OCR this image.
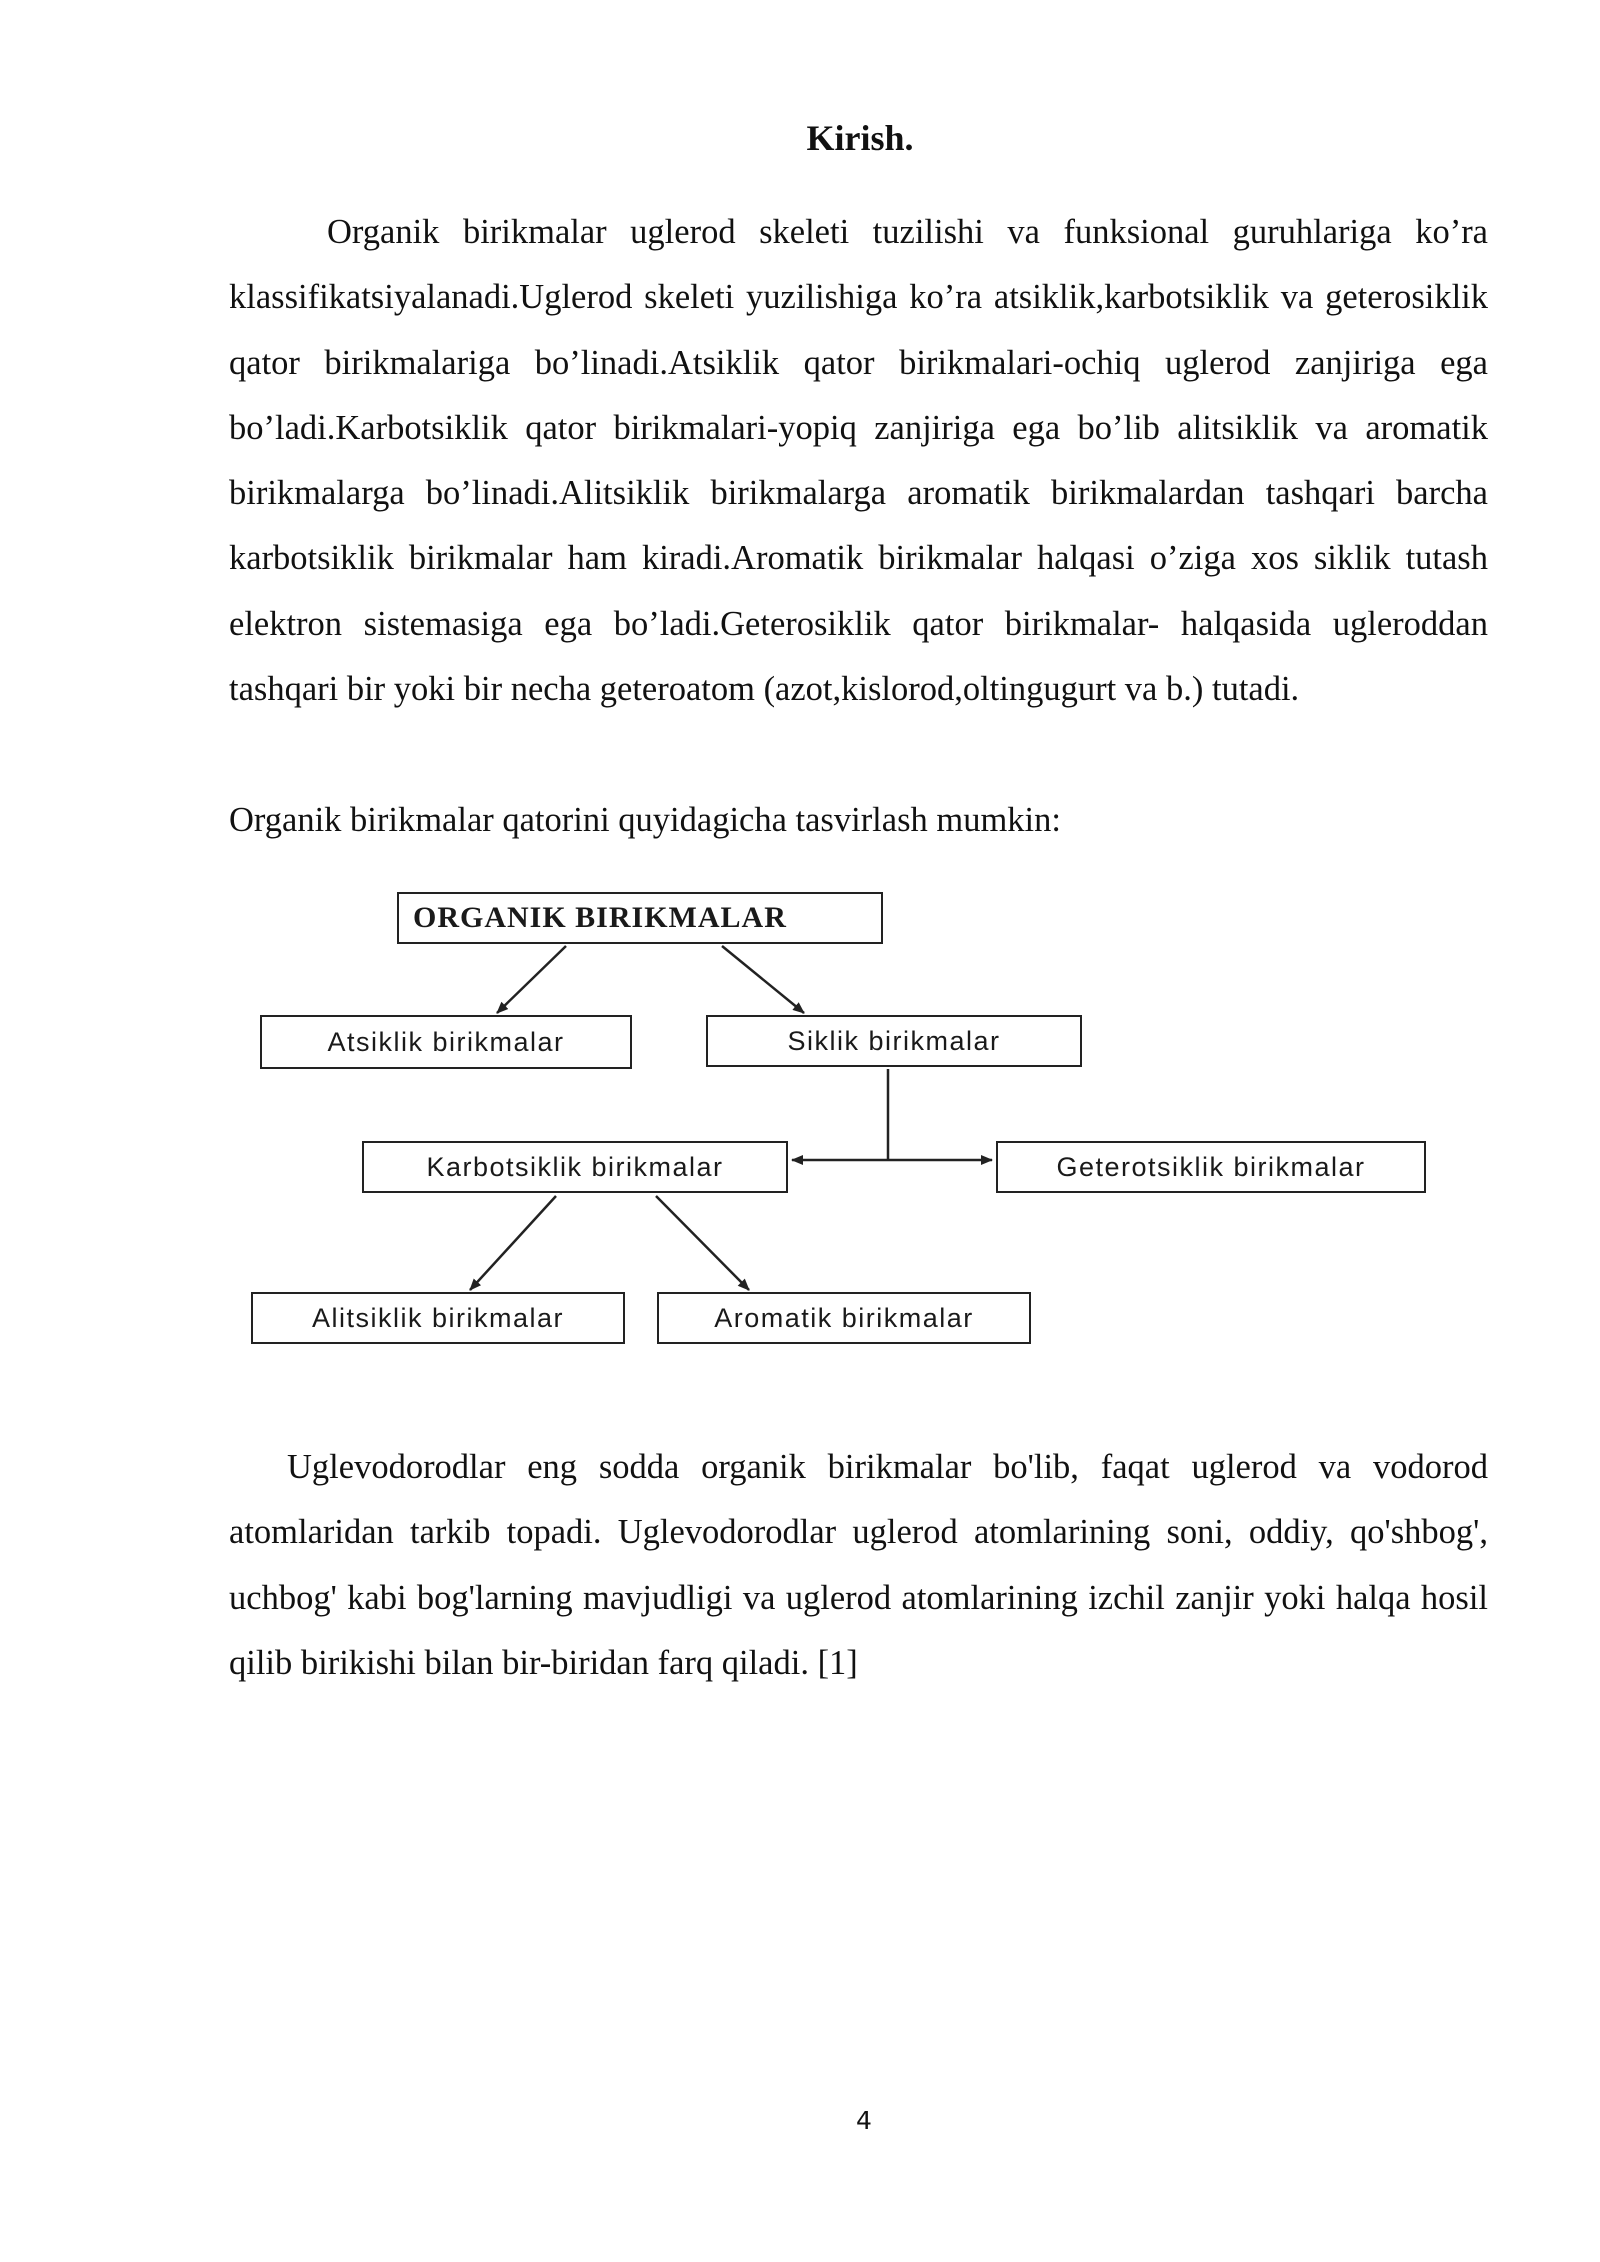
Kirish.

Organik birikmalar uglerod skeleti tuzilishi va funksional guruhlariga ko’ra klassifikatsiyalanadi.Uglerod skeleti yuzilishiga ko’ra atsiklik,karbotsiklik va geterosiklik qator birikmalariga bo’linadi.Atsiklik qator birikmalari-ochiq uglerod zanjiriga ega bo’ladi.Karbotsiklik qator birikmalari-yopiq zanjiriga ega bo’lib alitsiklik va aromatik birikmalarga bo’linadi.Alitsiklik birikmalarga aromatik birikmalardan tashqari barcha karbotsiklik birikmalar ham kiradi.Aromatik birikmalar halqasi o’ziga xos siklik tutash elektron sistemasiga ega bo’ladi.Geterosiklik qator birikmalar- halqasida ugleroddan tashqari bir yoki bir necha geteroatom (azot,kislorod,oltingugurt va b.) tutadi.

Organik birikmalar qatorini quyidagicha tasvirlash mumkin:

ORGANIK BIRIKMALAR
Atsiklik birikmalar	Siklik birikmalar
Karbotsiklik birikmalar	Geterotsiklik birikmalar
Alitsiklik birikmalar	Aromatik birikmalar

Uglevodorodlar eng sodda organik birikmalar bo'lib, faqat uglerod va vodorod atomlaridan tarkib topadi. Uglevodorodlar uglerod atomlarining soni, oddiy, qo'shbog', uchbog' kabi bog'larning mavjudligi va uglerod atomlarining izchil zanjir yoki halqa hosil qilib birikishi bilan bir-biridan farq qiladi. [1]

4
